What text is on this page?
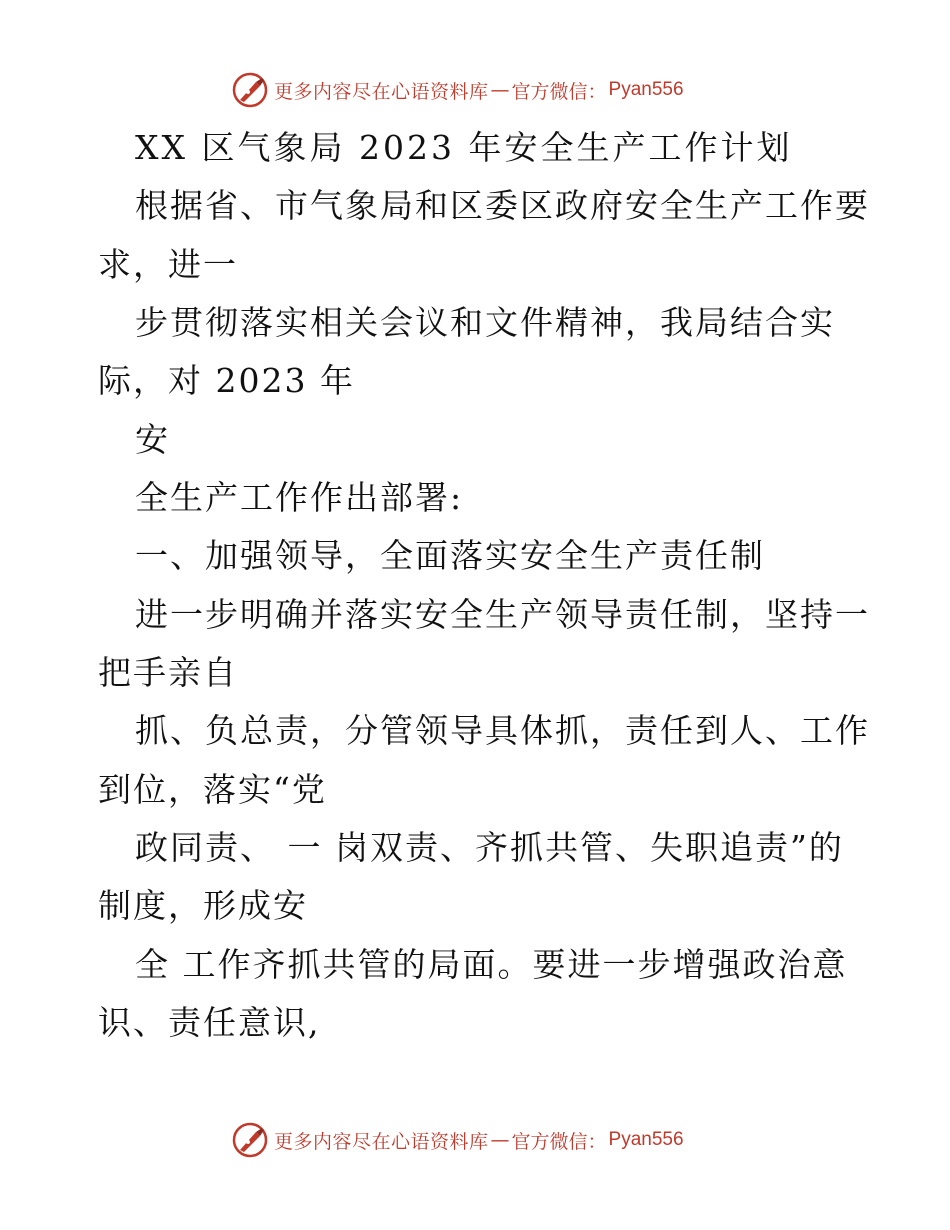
更多内容尽在心语资料库 — 官方微信： Pyan556
XX 区气象局 2023 年安全生产工作计划
根据省、市气象局和区委区政府安全生产工作要
求，进一
步贯彻落实相关会议和文件精神，我局结合实
际，对 2023 年
安
全生产工作作出部署:
一、加强领导，全面落实安全生产责任制
进一步明确并落实安全生产领导责任制，坚持一
把手亲自
抓、负总责，分管领导具体抓，责任到人、工作
到位，落实“党
政同责、 一 岗双责、齐抓共管、失职追责”的
制度，形成安
全 工作齐抓共管的局面。要进一步增强政治意
识、责任意识,
更多内容尽在心语资料库 — 官方微信： Pyan556
